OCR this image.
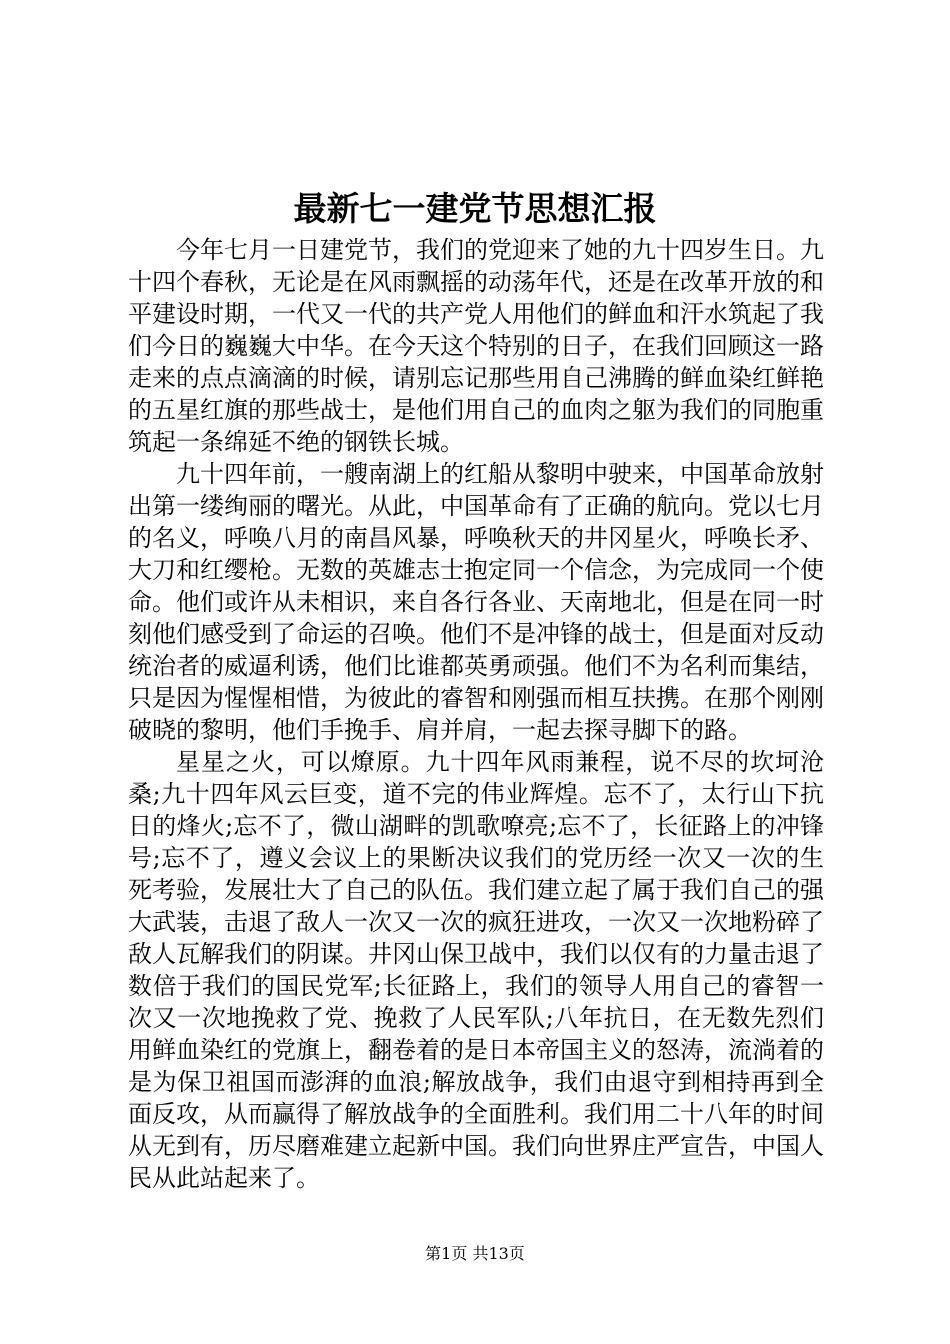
最新七一建党节思想汇报

今年七月一日建党节，我们的党迎来了她的九十四岁生日。九十四个春秋，无论是在风雨飘摇的动荡年代，还是在改革开放的和平建设时期，一代又一代的共产党人用他们的鲜血和汗水筑起了我们今日的巍巍大中华。在今天这个特别的日子，在我们回顾这一路走来的点点滴滴的时候，请别忘记那些用自己沸腾的鲜血染红鲜艳的五星红旗的那些战士，是他们用自己的血肉之躯为我们的同胞重筑起一条绵延不绝的钢铁长城。

九十四年前，一艘南湖上的红船从黎明中驶来，中国革命放射出第一缕绚丽的曙光。从此，中国革命有了正确的航向。党以七月的名义，呼唤八月的南昌风暴，呼唤秋天的井冈星火，呼唤长矛、大刀和红缨枪。无数的英雄志士抱定同一个信念，为完成同一个使命。他们或许从未相识，来自各行各业、天南地北，但是在同一时刻他们感受到了命运的召唤。他们不是冲锋的战士，但是面对反动统治者的威逼利诱，他们比谁都英勇顽强。他们不为名利而集结，只是因为惺惺相惜，为彼此的睿智和刚强而相互扶携。在那个刚刚破晓的黎明，他们手挽手、肩并肩，一起去探寻脚下的路。

星星之火，可以燎原。九十四年风雨兼程，说不尽的坎坷沧桑;九十四年风云巨变，道不完的伟业辉煌。忘不了，太行山下抗日的烽火;忘不了，微山湖畔的凯歌嘹亮;忘不了，长征路上的冲锋号;忘不了，遵义会议上的果断决议我们的党历经一次又一次的生死考验，发展壮大了自己的队伍。我们建立起了属于我们自己的强大武装，击退了敌人一次又一次的疯狂进攻，一次又一次地粉碎了敌人瓦解我们的阴谋。井冈山保卫战中，我们以仅有的力量击退了数倍于我们的国民党军;长征路上，我们的领导人用自己的睿智一次又一次地挽救了党、挽救了人民军队;八年抗日，在无数先烈们用鲜血染红的党旗上，翻卷着的是日本帝国主义的怒涛，流淌着的是为保卫祖国而澎湃的血浪;解放战争，我们由退守到相持再到全面反攻，从而赢得了解放战争的全面胜利。我们用二十八年的时间从无到有，历尽磨难建立起新中国。我们向世界庄严宣告，中国人民从此站起来了。

第1页 共13页
